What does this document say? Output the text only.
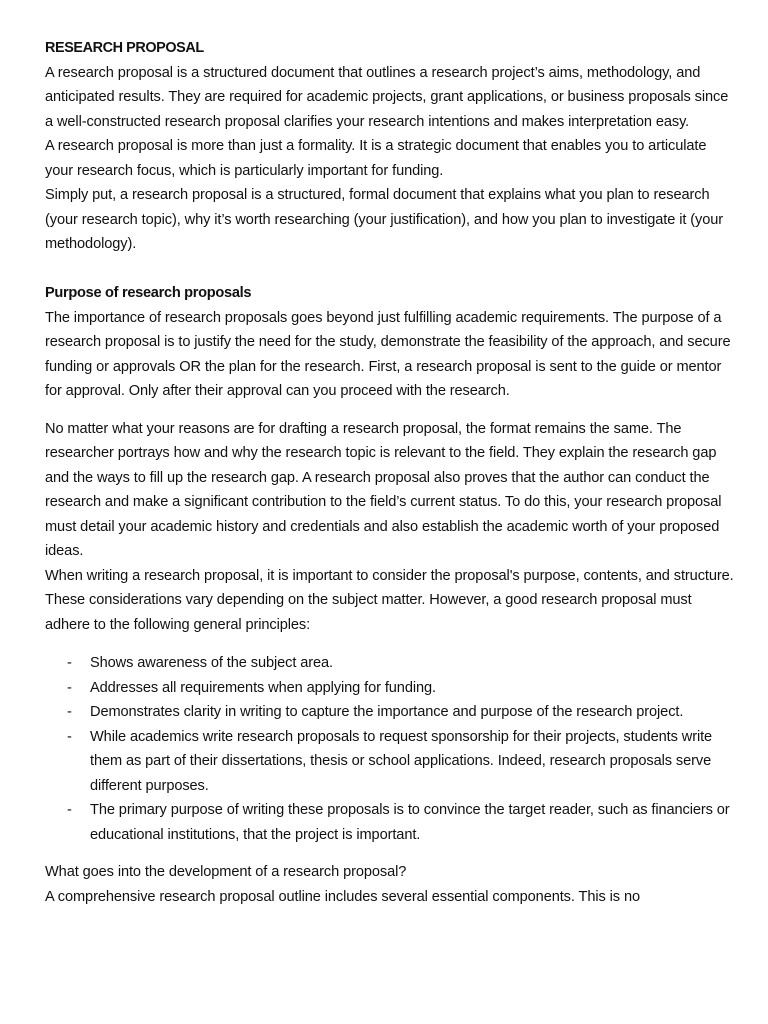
RESEARCH PROPOSAL

A research proposal is a structured document that outlines a research project’s aims, methodology, and anticipated results. They are required for academic projects, grant applications, or business proposals since a well-constructed research proposal clarifies your research intentions and makes interpretation easy.

A research proposal is more than just a formality. It is a strategic document that enables you to articulate your research focus, which is particularly important for funding.

Simply put, a research proposal is a structured, formal document that explains what you plan to research (your research topic), why it’s worth researching (your justification), and how you plan to investigate it (your methodology).

Purpose of research proposals

The importance of research proposals goes beyond just fulfilling academic requirements. The purpose of a research proposal is to justify the need for the study, demonstrate the feasibility of the approach, and secure funding or approvals OR the plan for the research. First, a research proposal is sent to the guide or mentor for approval. Only after their approval can you proceed with the research.

No matter what your reasons are for drafting a research proposal, the format remains the same. The researcher portrays how and why the research topic is relevant to the field. They explain the research gap and the ways to fill up the research gap. A research proposal also proves that the author can conduct the research and make a significant contribution to the field’s current status. To do this, your research proposal must detail your academic history and credentials and also establish the academic worth of your proposed ideas.

When writing a research proposal, it is important to consider the proposal's purpose, contents, and structure. These considerations vary depending on the subject matter. However, a good research proposal must adhere to the following general principles:

- Shows awareness of the subject area.
- Addresses all requirements when applying for funding.
- Demonstrates clarity in writing to capture the importance and purpose of the research project.
- While academics write research proposals to request sponsorship for their projects, students write them as part of their dissertations, thesis or school applications. Indeed, research proposals serve different purposes.
- The primary purpose of writing these proposals is to convince the target reader, such as financiers or educational institutions, that the project is important.

What goes into the development of a research proposal?

A comprehensive research proposal outline includes several essential components. This is no
